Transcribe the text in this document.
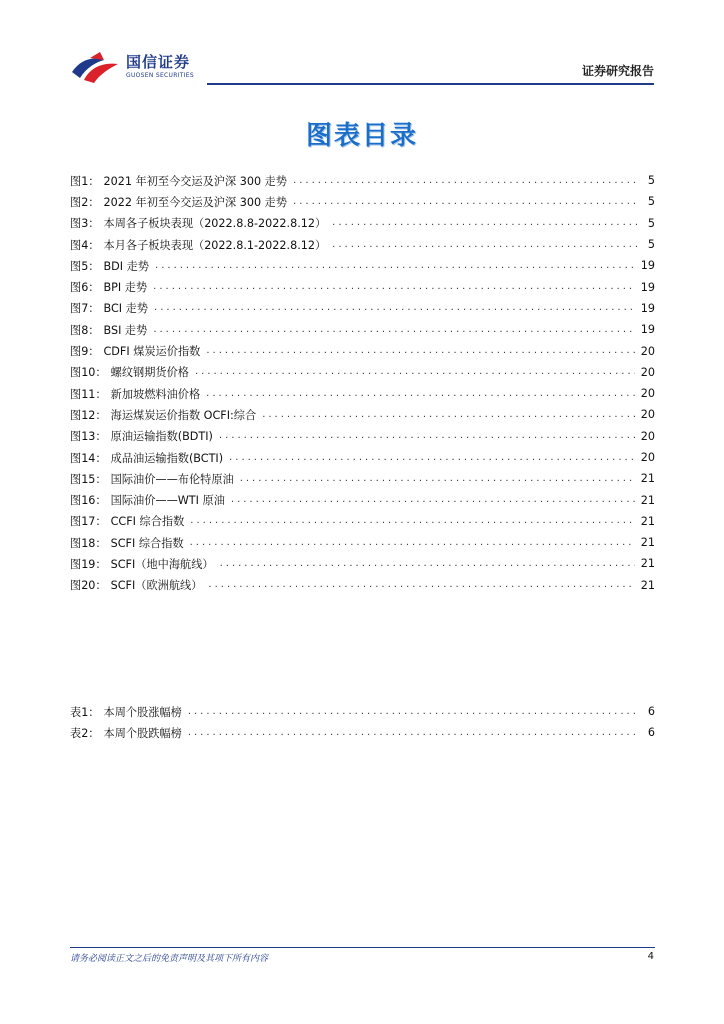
国信证券
GUOSEN SECURITIES	证券研究报告
图表目录
图1： 2021 年初至今交运及沪深 300 走势 .....	5
图2： 2022 年初至今交运及沪深 300 走势 .....	5
图3： 本周各子板块表现（2022.8.8-2022.8.12） .....	5
图4： 本月各子板块表现（2022.8.1-2022.8.12） .....	5
图5： BDI 走势 .....	19
图6： BPI 走势 .....	19
图7： BCI 走势 .....	19
图8： BSI 走势 .....	19
图9： CDFI 煤炭运价指数 .....	20
图10： 螺纹钢期货价格 .....	20
图11： 新加坡燃料油价格 .....	20
图12： 海运煤炭运价指数 OCFI:综合 .....	20
图13： 原油运输指数(BDTI) .....	20
图14： 成品油运输指数(BCTI) .....	20
图15： 国际油价——布伦特原油 .....	21
图16： 国际油价——WTI 原油 .....	21
图17： CCFI 综合指数 .....	21
图18： SCFI 综合指数 .....	21
图19： SCFI（地中海航线） .....	21
图20： SCFI（欧洲航线） .....	21
表1： 本周个股涨幅榜 .....	6
表2： 本周个股跌幅榜 .....	6
请务必阅读正文之后的免责声明及其项下所有内容	4
